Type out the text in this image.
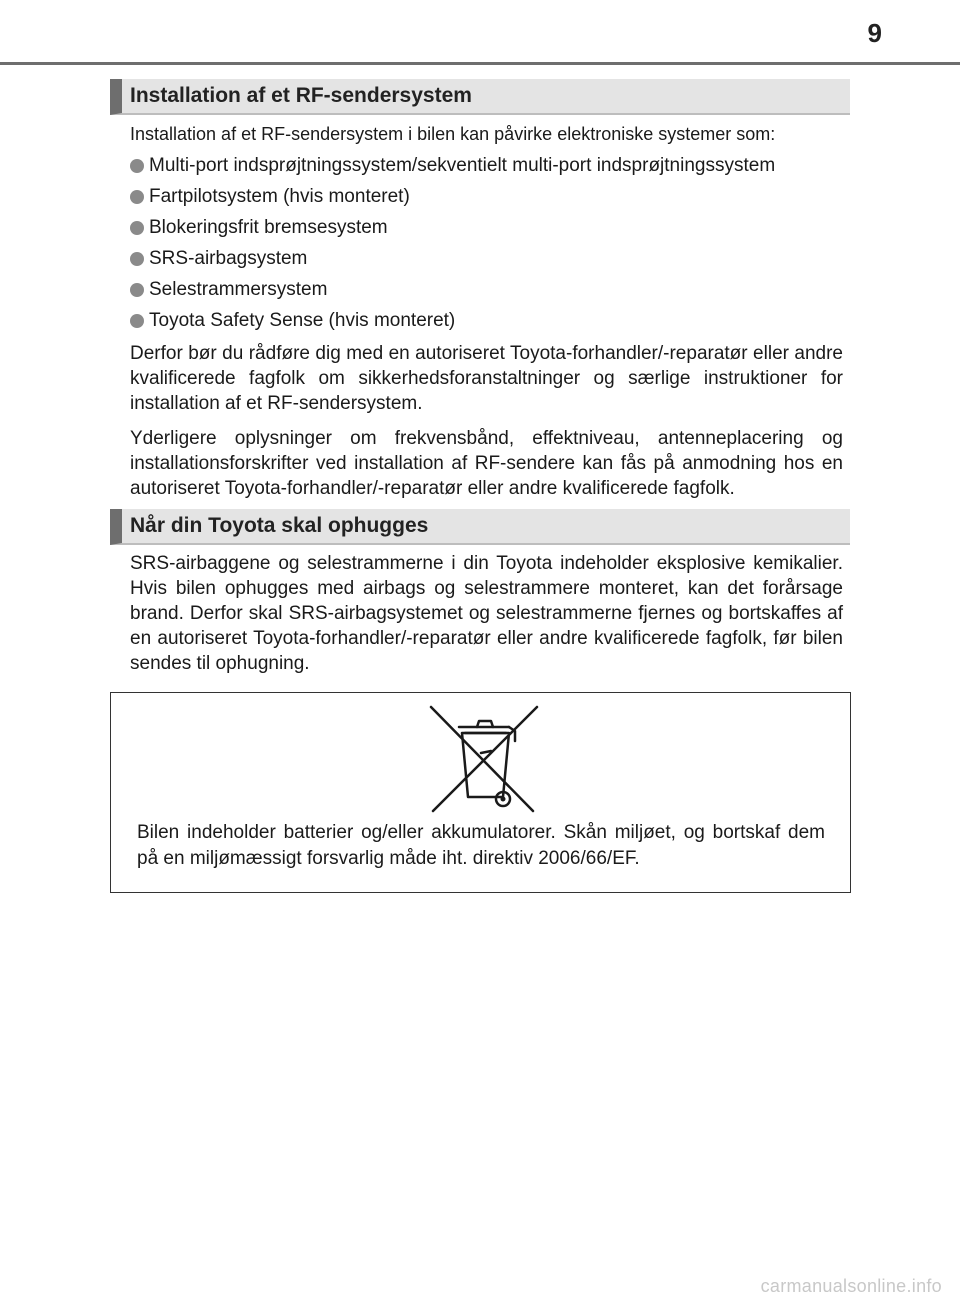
9
Installation af et RF-sendersystem

Installation af et RF-sendersystem i bilen kan påvirke elektroniske systemer som:

Multi-port indsprøjtningssystem/sekventielt multi-port indsprøjtningssystem
Fartpilotsystem (hvis monteret)
Blokeringsfrit bremsesystem
SRS-airbagsystem
Selestrammersystem
Toyota Safety Sense (hvis monteret)

Derfor bør du rådføre dig med en autoriseret Toyota-forhandler/-reparatør eller andre kvalificerede fagfolk om sikkerhedsforanstaltninger og særlige instruktioner for installation af et RF-sendersystem.

Yderligere oplysninger om frekvensbånd, effektniveau, antenneplacering og installationsforskrifter ved installation af RF-sendere kan fås på anmodning hos en autoriseret Toyota-forhandler/-reparatør eller andre kvalificerede fagfolk.

Når din Toyota skal ophugges

SRS-airbaggene og selestrammerne i din Toyota indeholder eksplosive kemikalier. Hvis bilen ophugges med airbags og selestrammere monteret, kan det forårsage brand. Derfor skal SRS-airbagsystemet og selestrammerne fjernes og bortskaffes af en autoriseret Toyota-forhandler/-reparatør eller andre kvalificerede fagfolk, før bilen sendes til ophugning.

Bilen indeholder batterier og/eller akkumulatorer. Skån miljøet, og bortskaf dem på en miljømæssigt forsvarlig måde iht. direktiv 2006/66/EF.

carmanualsonline.info
